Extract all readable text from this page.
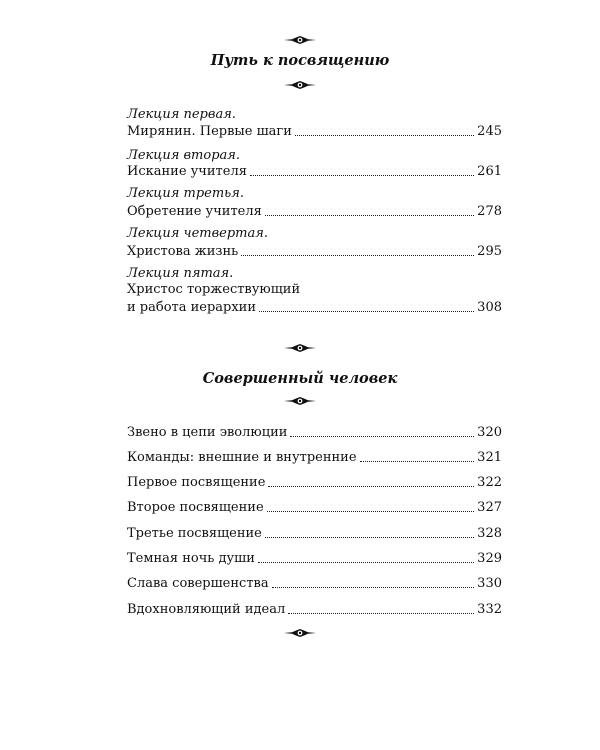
Путь к посвящению
Лекция первая.
Мирянин. Первые шаги	245
Лекция вторая.
Искание учителя	261
Лекция третья.
Обретение учителя	278
Лекция четвертая.
Христова жизнь	295
Лекция пятая.
Христос торжествующий
и работа иерархии	308
Совершенный человек
Звено в цепи эволюции	320
Команды: внешние и внутренние	321
Первое посвящение	322
Второе посвящение	327
Третье посвящение	328
Темная ночь души	329
Слава совершенства	330
Вдохновляющий идеал	332
